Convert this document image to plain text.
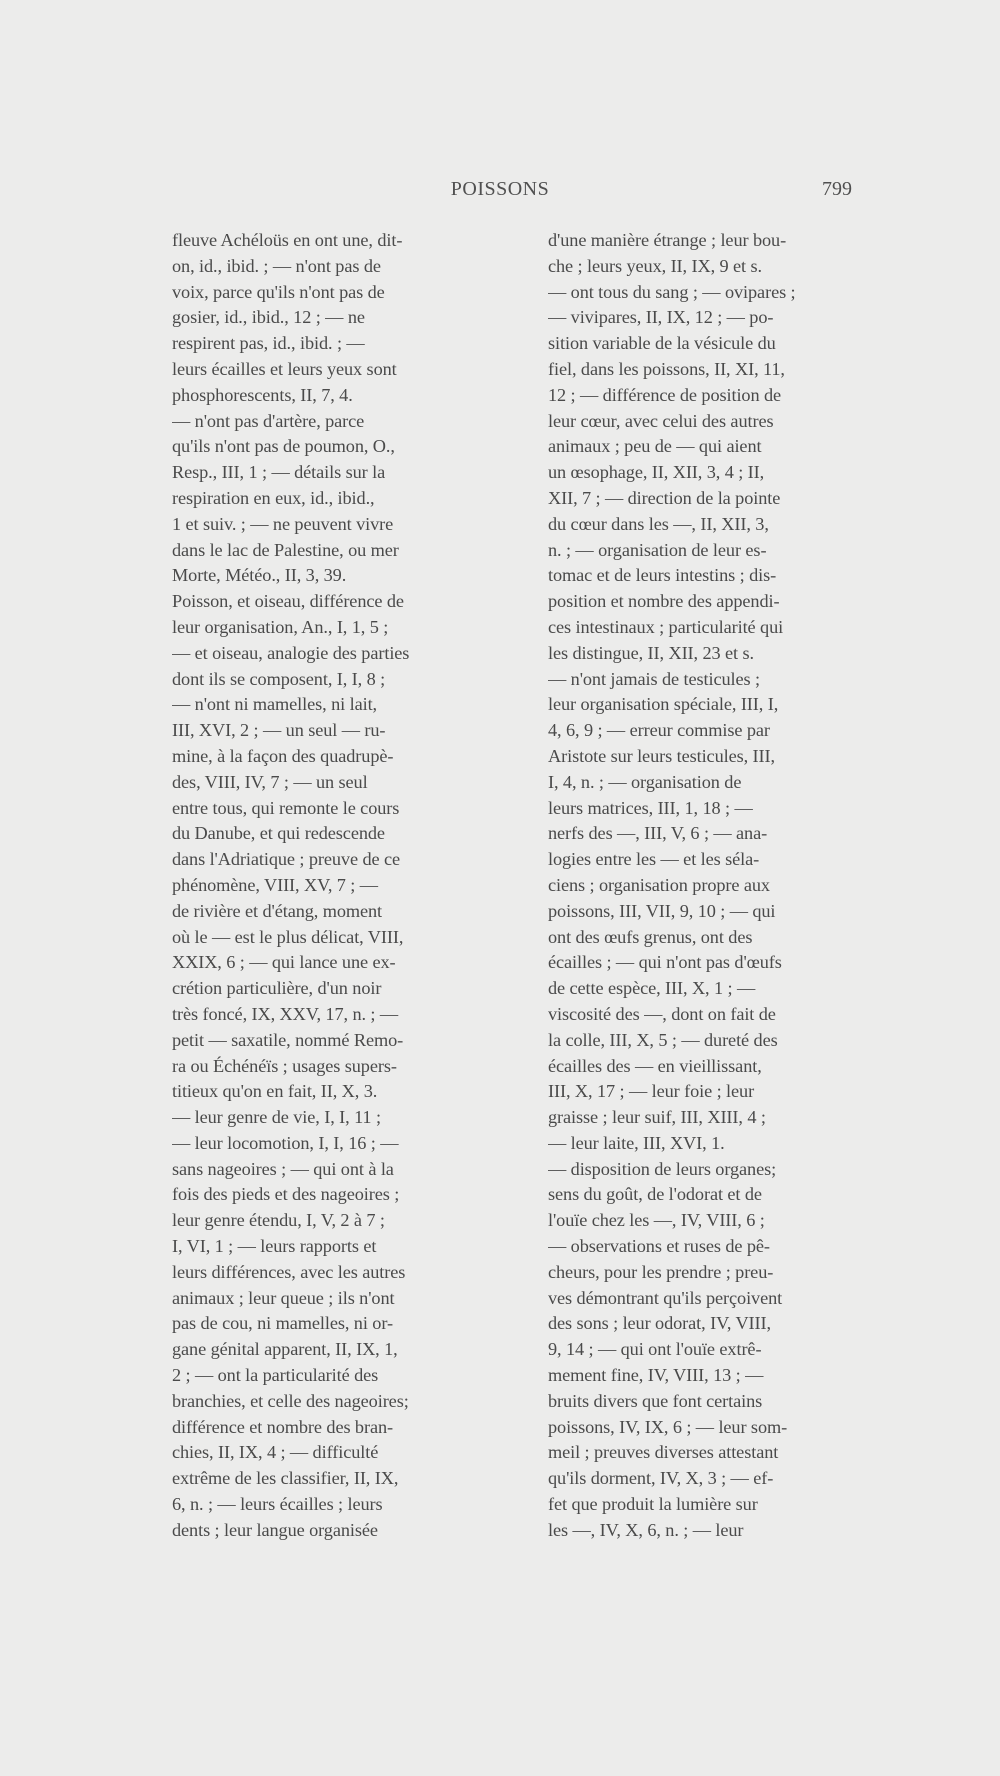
POISSONS	799
fleuve Achéloüs en ont une, dit-
on, id., ibid. ; — n'ont pas de
voix, parce qu'ils n'ont pas de
gosier, id., ibid., 12 ; — ne
respirent pas, id., ibid. ; —
leurs écailles et leurs yeux sont
phosphorescents, II, 7, 4.
— n'ont pas d'artère, parce
qu'ils n'ont pas de poumon, O.,
Resp., III, 1 ; — détails sur la
respiration en eux, id., ibid.,
1 et suiv. ; — ne peuvent vivre
dans le lac de Palestine, ou mer
Morte, Météo., II, 3, 39.
Poisson, et oiseau, différence de
leur organisation, An., I, 1, 5 ;
— et oiseau, analogie des parties
dont ils se composent, I, I, 8 ;
— n'ont ni mamelles, ni lait,
III, XVI, 2 ; — un seul — ru-
mine, à la façon des quadrupè-
des, VIII, IV, 7 ; — un seul
entre tous, qui remonte le cours
du Danube, et qui redescende
dans l'Adriatique ; preuve de ce
phénomène, VIII, XV, 7 ; —
de rivière et d'étang, moment
où le — est le plus délicat, VIII,
XXIX, 6 ; — qui lance une ex-
crétion particulière, d'un noir
très foncé, IX, XXV, 17, n. ; —
petit — saxatile, nommé Remo-
ra ou Échénéïs ; usages supers-
titieux qu'on en fait, II, X, 3.
— leur genre de vie, I, I, 11 ;
— leur locomotion, I, I, 16 ; —
sans nageoires ; — qui ont à la
fois des pieds et des nageoires ;
leur genre étendu, I, V, 2 à 7 ;
I, VI, 1 ; — leurs rapports et
leurs différences, avec les autres
animaux ; leur queue ; ils n'ont
pas de cou, ni mamelles, ni or-
gane génital apparent, II, IX, 1,
2 ; — ont la particularité des
branchies, et celle des nageoires;
différence et nombre des bran-
chies, II, IX, 4 ; — difficulté
extrême de les classifier, II, IX,
6, n. ; — leurs écailles ; leurs
dents ; leur langue organisée
d'une manière étrange ; leur bou-
che ; leurs yeux, II, IX, 9 et s.
— ont tous du sang ; — ovipares ;
— vivipares, II, IX, 12 ; — po-
sition variable de la vésicule du
fiel, dans les poissons, II, XI, 11,
12 ; — différence de position de
leur cœur, avec celui des autres
animaux ; peu de — qui aient
un œsophage, II, XII, 3, 4 ; II,
XII, 7 ; — direction de la pointe
du cœur dans les —, II, XII, 3,
n. ; — organisation de leur es-
tomac et de leurs intestins ; dis-
position et nombre des appendi-
ces intestinaux ; particularité qui
les distingue, II, XII, 23 et s.
— n'ont jamais de testicules ;
leur organisation spéciale, III, I,
4, 6, 9 ; — erreur commise par
Aristote sur leurs testicules, III,
I, 4, n. ; — organisation de
leurs matrices, III, 1, 18 ; —
nerfs des —, III, V, 6 ; — ana-
logies entre les — et les séla-
ciens ; organisation propre aux
poissons, III, VII, 9, 10 ; — qui
ont des œufs grenus, ont des
écailles ; — qui n'ont pas d'œufs
de cette espèce, III, X, 1 ; —
viscosité des —, dont on fait de
la colle, III, X, 5 ; — dureté des
écailles des — en vieillissant,
III, X, 17 ; — leur foie ; leur
graisse ; leur suif, III, XIII, 4 ;
— leur laite, III, XVI, 1.
— disposition de leurs organes;
sens du goût, de l'odorat et de
l'ouïe chez les —, IV, VIII, 6 ;
— observations et ruses de pê-
cheurs, pour les prendre ; preu-
ves démontrant qu'ils perçoivent
des sons ; leur odorat, IV, VIII,
9, 14 ; — qui ont l'ouïe extrê-
mement fine, IV, VIII, 13 ; —
bruits divers que font certains
poissons, IV, IX, 6 ; — leur som-
meil ; preuves diverses attestant
qu'ils dorment, IV, X, 3 ; — ef-
fet que produit la lumière sur
les —, IV, X, 6, n. ; — leur
